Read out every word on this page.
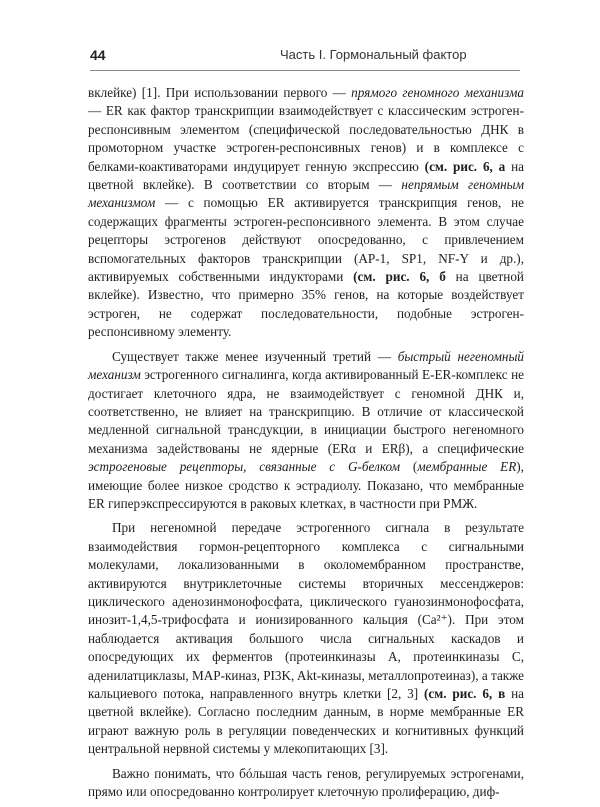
44	Часть I. Гормональный фактор

вклейке) [1]. При использовании первого — прямого геномного механизма — ER как фактор транскрипции взаимодействует с классическим эстроген-респонсивным элементом (специфической последовательностью ДНК в промоторном участке эстроген-респонсивных генов) и в комплексе с белками-коактиваторами индуцирует генную экспрессию (см. рис. 6, а на цветной вклейке). В соответствии со вторым — непрямым геномным механизмом — с помощью ER активируется транскрипция генов, не содержащих фрагменты эстроген-респонсивного элемента. В этом случае рецепторы эстрогенов действуют опосредованно, с привлечением вспомогательных факторов транскрипции (AP-1, SP1, NF-Y и др.), активируемых собственными индукторами (см. рис. 6, б на цветной вклейке). Известно, что примерно 35% генов, на которые воздействует эстроген, не содержат последовательности, подобные эстроген-респонсивному элементу.

Существует также менее изученный третий — быстрый негеномный механизм эстрогенного сигналинга, когда активированный E-ER-комплекс не достигает клеточного ядра, не взаимодействует с геномной ДНК и, соответственно, не влияет на транскрипцию. В отличие от классической медленной сигнальной трансдукции, в инициации быстрого негеномного механизма задействованы не ядерные (ERα и ERβ), а специфические эстрогеновые рецепторы, связанные с G-белком (мембранные ER), имеющие более низкое сродство к эстрадиолу. Показано, что мембранные ER гиперэкспрессируются в раковых клетках, в частности при РМЖ.

При негеномной передаче эстрогенного сигнала в результате взаимодействия гормон-рецепторного комплекса с сигнальными молекулами, локализованными в околомембранном пространстве, активируются внутриклеточные системы вторичных мессенджеров: циклического аденозинмонофосфата, циклического гуанозинмонофосфата, инозит-1,4,5-трифосфата и ионизированного кальция (Ca²⁺). При этом наблюдается активация большого числа сигнальных каскадов и опосредующих их ферментов (протеинкиназы A, протеинкиназы C, аденилатциклазы, MAP-киназ, PI3K, Akt-киназы, металлопротеиназ), а также кальциевого потока, направленного внутрь клетки [2, 3] (см. рис. 6, в на цветной вклейке). Согласно последним данным, в норме мембранные ER играют важную роль в регуляции поведенческих и когнитивных функций центральной нервной системы у млекопитающих [3].

Важно понимать, что бóльшая часть генов, регулируемых эстрогенами, прямо или опосредованно контролирует клеточную пролиферацию, диф-
